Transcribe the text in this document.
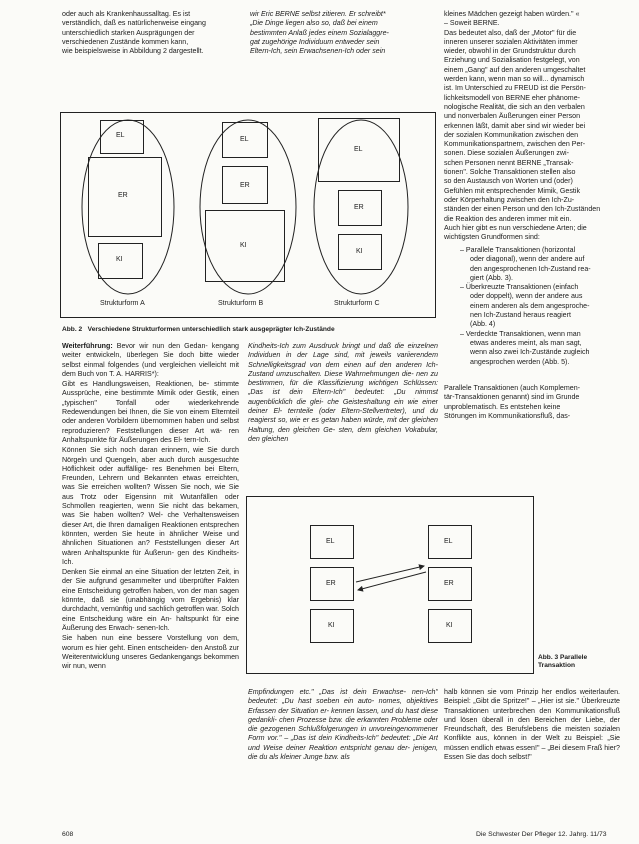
oder auch als Krankenhaussalltag. Es ist
verständlich, daß es natürlicherweise eingang
unterschiedlich starken Ausprägungen der
verschiedenen Zustände kommen kann,
wie beispielsweise in Abbildung 2 dargestellt.

wir Eric BERNE selbst zitieren. Er schreibt*
„Die Dinge liegen also so, daß bei einem
bestimmten Anlaß jedes einem Sozialaggre-
gat zugehörige Individuum entweder sein
Eltern-Ich, sein Erwachsenen-Ich oder sein

EL
ER
KI
Strukturform A
EL
ER
KI
Strukturform B
EL
ER
KI
Strukturform C
Abb. 2 Verschiedene Strukturformen unterschiedlich stark ausgeprägter Ich-Zustände

kleines Mädchen gezeigt haben würden." «
– Soweit BERNE.
Das bedeutet also, daß der „Motor" für die
inneren unserer sozialen Aktivitäten immer
wieder, obwohl in der Grundstruktur durch
Erziehung und Sozialisation festgelegt, von
einem „Gang" auf den anderen umgeschaltet
werden kann, wenn man so will... dynamisch
ist. Im Unterschied zu FREUD ist die Persön-
lichkeitsmodell von BERNE eher phänome-
nologische Realität, die sich an den verbalen
und nonverbalen Äußerungen einer Person
erkennen läßt, damit aber sind wir wieder bei
der sozialen Kommunikation zwischen den
Kommunikationspartnern, zwischen den Per-
sonen. Diese sozialen Äußerungen zwi-
schen Personen nennt BERNE „Transak-
tionen". Solche Transaktionen stellen also
so den Austausch von Worten und (oder)
Gefühlen mit entsprechender Mimik, Gestik
oder Körperhaltung zwischen den Ich-Zu-
ständen der einen Person und den Ich-Zuständen
die Reaktion des anderen immer mit ein.
Auch hier gibt es nun verschiedene Arten; die
wichtigsten Grundformen sind:

– Parallele Transaktionen (horizontal
oder diagonal), wenn der andere auf
den angesprochenen Ich-Zustand rea-
giert (Abb. 3).

– Überkreuzte Transaktionen (einfach
oder doppelt), wenn der andere aus
einem anderen als dem angesproche-
nen Ich-Zustand heraus reagiert
(Abb. 4)

– Verdeckte Transaktionen, wenn man
etwas anderes meint, als man sagt,
wenn also zwei Ich-Zustände zugleich
angesprochen werden (Abb. 5).

Parallele Transaktionen (auch Komplemen-
tär-Transaktionen genannt) sind im Grunde
unproblematisch. Es entstehen keine
Störungen im Kommunikationsfluß, das-

Weiterführung: Bevor wir nun den Gedan- kengang weiter entwickeln, überlegen Sie doch bitte wieder selbst einmal folgendes (und vergleichen vielleicht mit dem Buch von T. A. HARRIS*):

Gibt es Handlungsweisen, Reaktionen, be- stimmte Aussprüche, eine bestimmte Mimik oder Gestik, einen „typischen" Tonfall oder wiederkehrende Redewendungen bei Ihnen, die Sie von einem Elternteil oder anderen Vorbildern übernommen haben und selbst reproduzieren? Feststellungen dieser Art wä- ren Anhaltspunkte für Äußerungen des El- tern-Ich.

Können Sie sich noch daran erinnern, wie Sie durch Nörgeln und Quengeln, aber auch durch ausgesuchte Höflichkeit oder auffällige- res Benehmen bei Eltern, Freunden, Lehrern und Bekannten etwas erreichten, was Sie erreichen wollten? Wissen Sie noch, wie Sie aus Trotz oder Eigensinn mit Wutanfällen oder Schmollen reagierten, wenn Sie nicht das bekamen, was Sie haben wollten? Wel- che Verhaltensweisen dieser Art, die Ihren damaligen Reaktionen entsprechen könnten, werden Sie heute in ähnlicher Weise und ähnlichen Situationen an? Feststellungen dieser Art wären Anhaltspunkte für Äußerun- gen des Kindheits-Ich.

Denken Sie einmal an eine Situation der letzten Zeit, in der Sie aufgrund gesammelter und überprüfter Fakten eine Entscheidung getroffen haben, von der man sagen könnte, daß sie (unabhängig vom Ergebnis) klar durchdacht, vernünftig und sachlich getroffen war. Solch eine Entscheidung wäre ein An- haltspunkt für eine Äußerung des Erwach- senen-Ich.

Sie haben nun eine bessere Vorstellung von dem, worum es hier geht. Einen entscheiden- den Anstoß zur Weiterentwicklung unseres Gedankengangs bekommen wir nun, wenn

Kindheits-Ich zum Ausdruck bringt und daß die einzelnen Individuen in der Lage sind, mit jeweils variierendem Schnelligkeitsgrad von dem einen auf den anderen Ich-Zustand umzuschalten. Diese Wahrnehmungen die- nen zu bestimmen, für die Klassifizierung wichtigen Schlüssen: „Das ist dein Eltern-Ich" bedeutet: „Du nimmst augenblicklich die glei- che Geisteshaltung ein wie einer deiner El- ternteile (oder Eltern-Stellvertreter), und du reagierst so, wie er es getan haben würde, mit der gleichen Haltung, den gleichen Ge- sten, dem gleichen Vokabular, den gleichen

EL
ER
KI
EL
ER
KI
Abb. 3 Parallele Transaktion

Empfindungen etc." „Das ist dein Erwachse- nen-Ich" bedeutet: „Du hast soeben ein auto- nomes, objektives Erfassen der Situation er- kennen lassen, und du hast diese gedankli- chen Prozesse bzw. die erkannten Probleme oder die gezogenen Schlußfolgerungen in unvoreingenommener Form vor." – „Das ist dein Kindheits-Ich" bedeutet: „Die Art und Weise deiner Reaktion entspricht genau der- jenigen, die du als kleiner Junge bzw. als

halb können sie vom Prinzip her endlos weiterlaufen. Beispiel: „Gibt die Spritze!" – „Hier ist sie." Überkreuzte Transaktionen unterbrechen den Kommunikationsfluß und lösen überall in den Bereichen der Liebe, der Freundschaft, des Berufslebens die meisten sozialen Konflikte aus, können in der Welt zu Beispiel: „Sie müssen endlich etwas essen!" – „Bei diesem Fraß hier? Essen Sie das doch selbst!"

608	Die Schwester Der Pfleger 12. Jahrg. 11/73
